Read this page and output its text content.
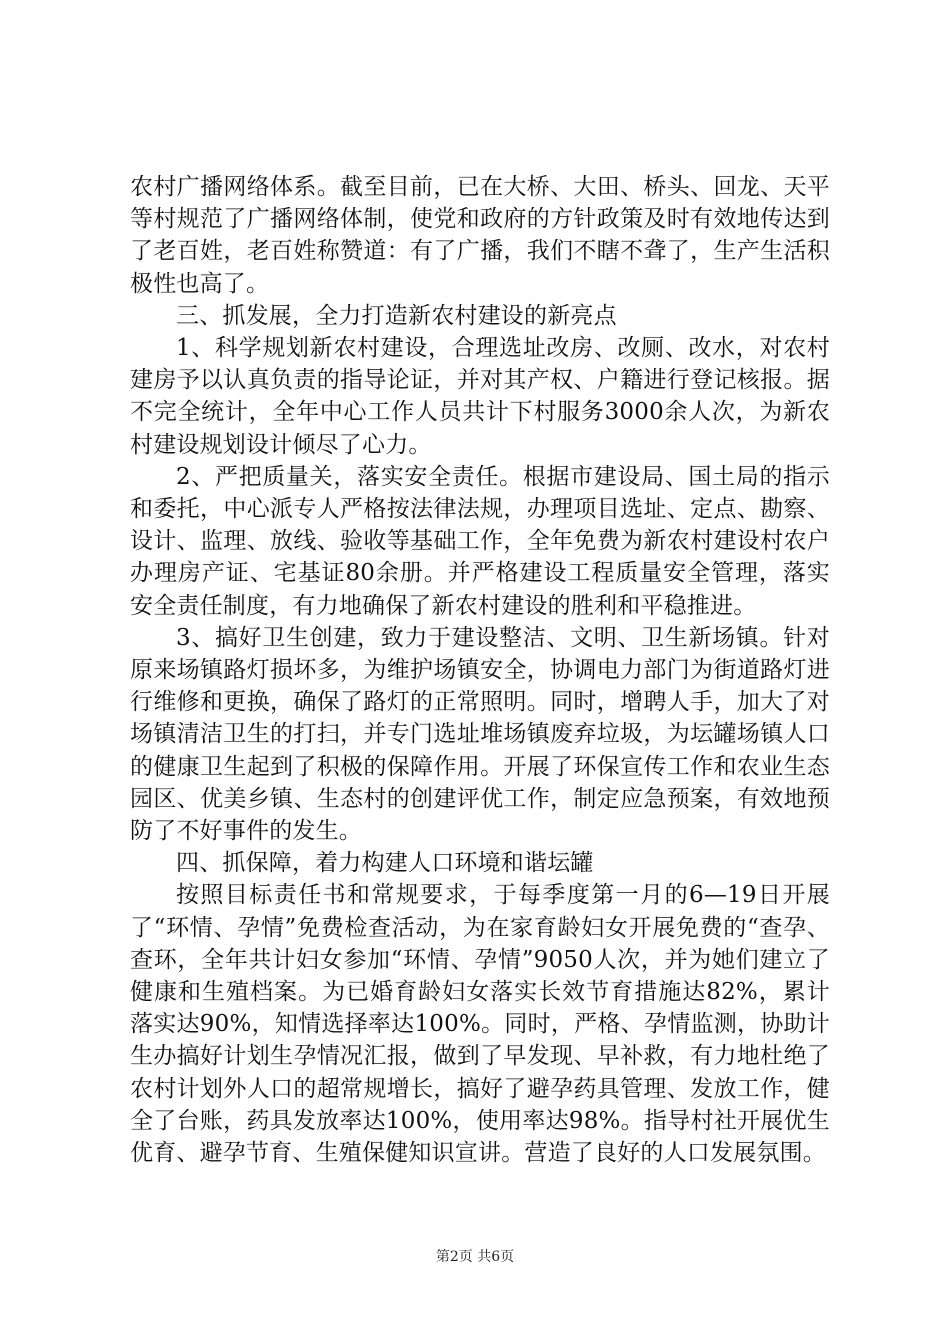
农村广播网络体系。截至目前，已在大桥、大田、桥头、回龙、天平等村规范了广播网络体制，使党和政府的方针政策及时有效地传达到了老百姓，老百姓称赞道：有了广播，我们不瞎不聋了，生产生活积极性也高了。

三、抓发展，全力打造新农村建设的新亮点

1、科学规划新农村建设，合理选址改房、改厕、改水，对农村建房予以认真负责的指导论证，并对其产权、户籍进行登记核报。据不完全统计，全年中心工作人员共计下村服务3000余人次，为新农村建设规划设计倾尽了心力。

2、严把质量关，落实安全责任。根据市建设局、国土局的指示和委托，中心派专人严格按法律法规，办理项目选址、定点、勘察、设计、监理、放线、验收等基础工作，全年免费为新农村建设村农户办理房产证、宅基证80余册。并严格建设工程质量安全管理，落实安全责任制度，有力地确保了新农村建设的胜利和平稳推进。

3、搞好卫生创建，致力于建设整洁、文明、卫生新场镇。针对原来场镇路灯损坏多，为维护场镇安全，协调电力部门为街道路灯进行维修和更换，确保了路灯的正常照明。同时，增聘人手，加大了对场镇清洁卫生的打扫，并专门选址堆场镇废弃垃圾，为坛罐场镇人口的健康卫生起到了积极的保障作用。开展了环保宣传工作和农业生态园区、优美乡镇、生态村的创建评优工作，制定应急预案，有效地预防了不好事件的发生。

四、抓保障，着力构建人口环境和谐坛罐

按照目标责任书和常规要求，于每季度第一月的6—19日开展了“环情、孕情”免费检查活动，为在家育龄妇女开展免费的“查孕、查环，全年共计妇女参加“环情、孕情”9050人次，并为她们建立了健康和生殖档案。为已婚育龄妇女落实长效节育措施达82%，累计落实达90%，知情选择率达100%。同时，严格、孕情监测，协助计生办搞好计划生孕情况汇报，做到了早发现、早补救，有力地杜绝了农村计划外人口的超常规增长，搞好了避孕药具管理、发放工作，健全了台账，药具发放率达100%，使用率达98%。指导村社开展优生优育、避孕节育、生殖保健知识宣讲。营造了良好的人口发展氛围。

第2页 共6页
